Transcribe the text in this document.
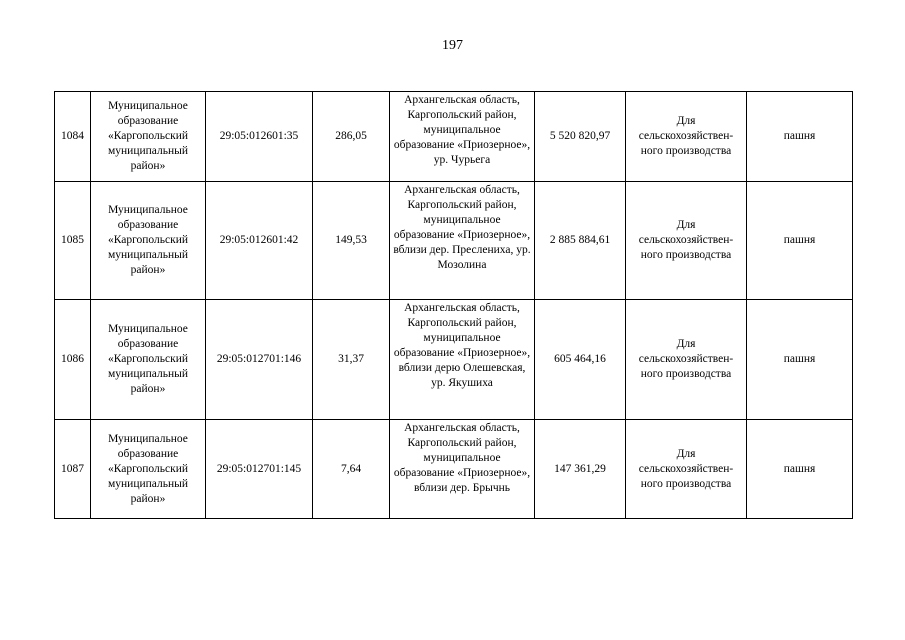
197
1084	Муниципальное образование «Каргопольский муниципальный район»	29:05:012601:35	286,05	Архангельская область, Каргопольский район, муниципальное образование «Приозерное», ур. Чурьега	5 520 820,97	Для сельскохозяйствен-ного производства	пашня
1085	Муниципальное образование «Каргопольский муниципальный район»	29:05:012601:42	149,53	Архангельская область, Каргопольский район, муниципальное образование «Приозерное», вблизи дер. Преслениха, ур. Мозолина	2 885 884,61	Для сельскохозяйствен-ного производства	пашня
1086	Муниципальное образование «Каргопольский муниципальный район»	29:05:012701:146	31,37	Архангельская область, Каргопольский район, муниципальное образование «Приозерное», вблизи дерю Олешевская, ур. Якушиха	605 464,16	Для сельскохозяйствен-ного производства	пашня
1087	Муниципальное образование «Каргопольский муниципальный район»	29:05:012701:145	7,64	Архангельская область, Каргопольский район, муниципальное образование «Приозерное», вблизи дер. Брычнь	147 361,29	Для сельскохозяйствен-ного производства	пашня
